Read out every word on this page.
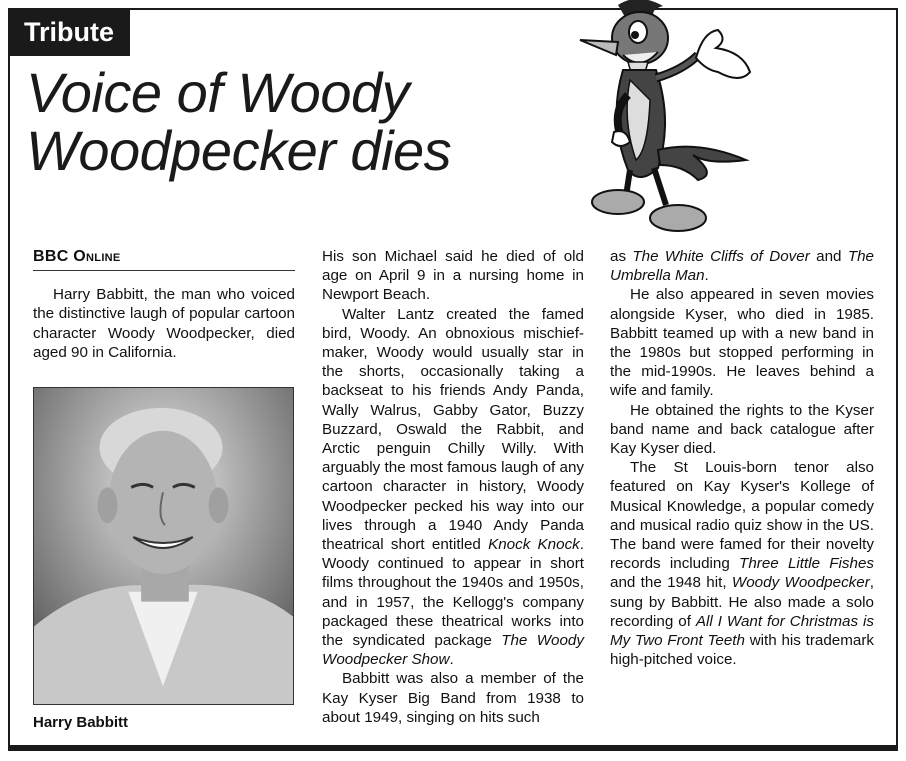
Tribute
Voice of Woody Woodpecker dies
BBC Online

Harry Babbitt, the man who voiced the distinctive laugh of popular cartoon character Woody Woodpecker, died aged 90 in California.

Harry Babbitt

His son Michael said he died of old age on April 9 in a nursing home in Newport Beach.

Walter Lantz created the famed bird, Woody. An obnoxious mischief-maker, Woody would usually star in the shorts, occasionally taking a backseat to his friends Andy Panda, Wally Walrus, Gabby Gator, Buzzy Buzzard, Oswald the Rabbit, and Arctic penguin Chilly Willy. With arguably the most famous laugh of any cartoon character in history, Woody Woodpecker pecked his way into our lives through a 1940 Andy Panda theatrical short entitled Knock Knock. Woody continued to appear in short films throughout the 1940s and 1950s, and in 1957, the Kellogg's company packaged these theatrical works into the syndicated package The Woody Woodpecker Show.

Babbitt was also a member of the Kay Kyser Big Band from 1938 to about 1949, singing on hits such

as The White Cliffs of Dover and The Umbrella Man.

He also appeared in seven movies alongside Kyser, who died in 1985. Babbitt teamed up with a new band in the 1980s but stopped performing in the mid-1990s. He leaves behind a wife and family.

He obtained the rights to the Kyser band name and back catalogue after Kay Kyser died.

The St Louis-born tenor also featured on Kay Kyser's Kollege of Musical Knowledge, a popular comedy and musical radio quiz show in the US. The band were famed for their novelty records including Three Little Fishes and the 1948 hit, Woody Woodpecker, sung by Babbitt. He also made a solo recording of All I Want for Christmas is My Two Front Teeth with his trademark high-pitched voice.
